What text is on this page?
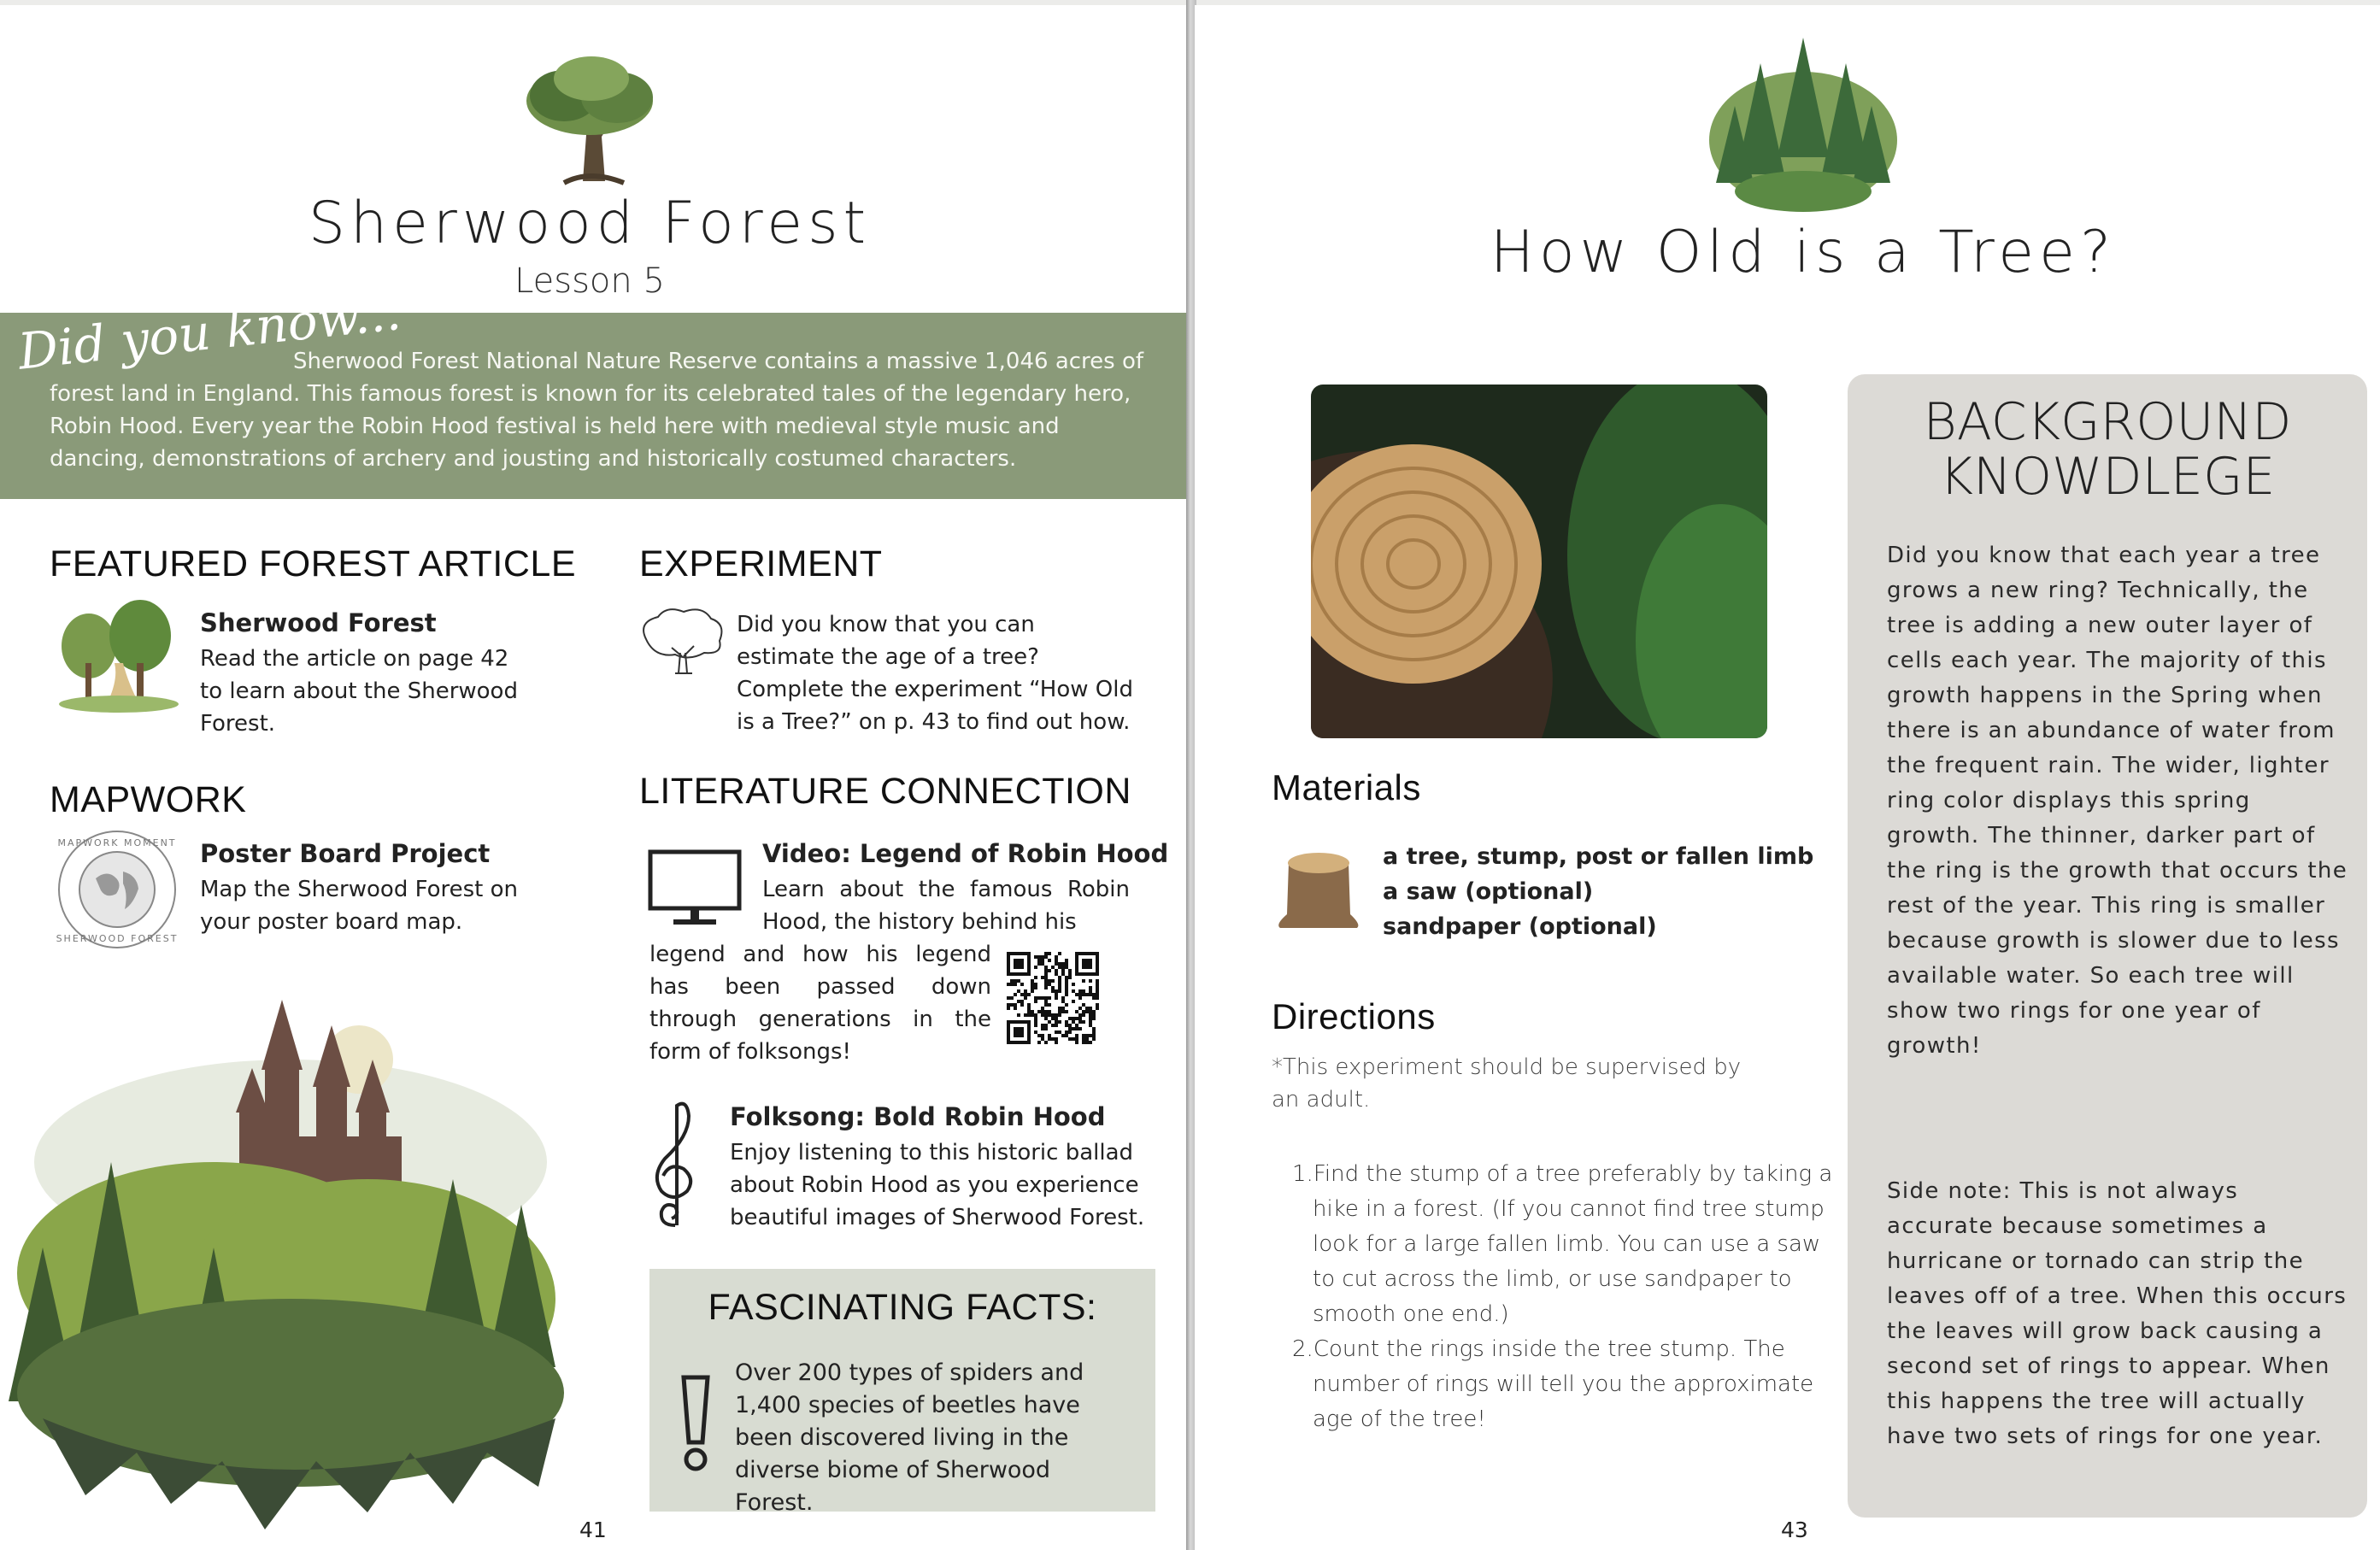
Sherwood Forest
Lesson 5
Did you know...
Sherwood Forest National Nature Reserve contains a massive 1,046 acres of forest land in England. This famous forest is known for its celebrated tales of the legendary hero, Robin Hood. Every year the Robin Hood festival is held here with medieval style music and dancing, demonstrations of archery and jousting and historically costumed characters.
FEATURED FOREST ARTICLE
Sherwood Forest
Read the article on page 42 to learn about the Sherwood Forest.
EXPERIMENT
Did you know that you can estimate the age of a tree? Complete the experiment “How Old is a Tree?” on p. 43 to find out how.
MAPWORK
MAPWORK MOMENT
SHERWOOD FOREST
Poster Board Project
Map the Sherwood Forest on your poster board map.
LITERATURE CONNECTION
Video: Legend of Robin Hood
Learn about the famous Robin Hood, the history behind his
legend and how his legend has been passed down through generations in the form of folksongs!
Folksong: Bold Robin Hood
Enjoy listening to this historic ballad about Robin Hood as you experience beautiful images of Sherwood Forest.
FASCINATING FACTS:
Over 200 types of spiders and 1,400 species of beetles have been discovered living in the diverse biome of Sherwood Forest.
41
How Old is a Tree?
Materials
a tree, stump, post or fallen limb
a saw (optional)
sandpaper (optional)
Directions
*This experiment should be supervised by an adult.
1.Find the stump of a tree preferably by taking a hike in a forest. (If you cannot find tree stump look for a large fallen limb. You can use a saw to cut across the limb, or use sandpaper to smooth one end.)
2.Count the rings inside the tree stump. The number of rings will tell you the approximate age of the tree!
BACKGROUND
KNOWDLEGE
Did you know that each year a tree grows a new ring? Technically, the tree is adding a new outer layer of cells each year. The majority of this growth happens in the Spring when there is an abundance of water from the frequent rain. The wider, lighter ring color displays this spring growth. The thinner, darker part of the ring is the growth that occurs the rest of the year. This ring is smaller because growth is slower due to less available water. So each tree will show two rings for one year of growth!
Side note: This is not always accurate because sometimes a hurricane or tornado can strip the leaves off of a tree. When this occurs the leaves will grow back causing a second set of rings to appear. When this happens the tree will actually have two sets of rings for one year.
43
